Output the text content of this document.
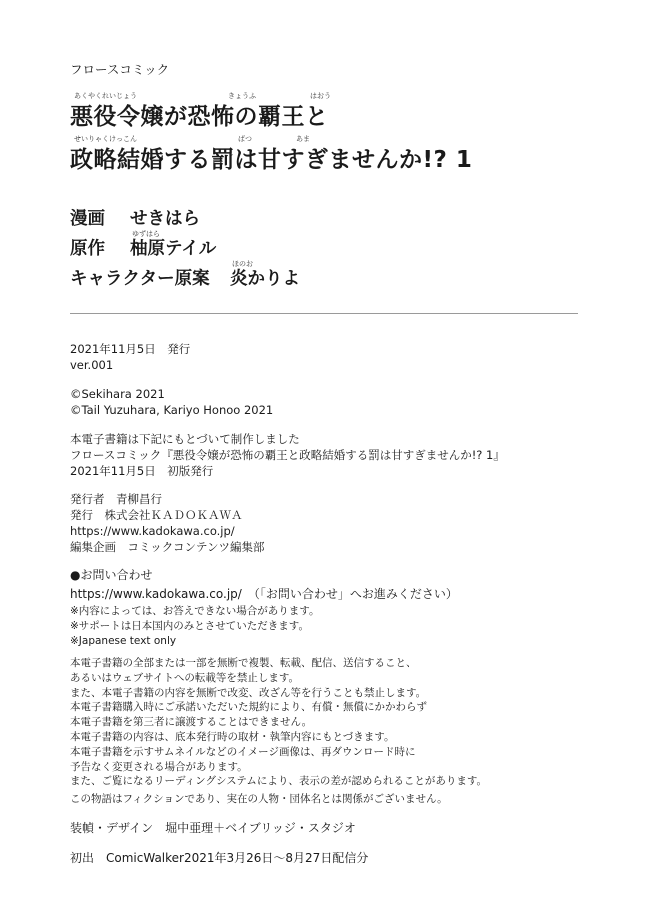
フロースコミック
あくやくれいじょう	きょうふ	はおう
悪役令嬢が恐怖の覇王と
せいりゃくけっこん	ばつ	あま
政略結婚する罰は甘すぎませんか!? 1
漫画 せきはら
ゆずはら
原作 柚原テイル
ほのお
キャラクター原案 炎かりよ
2021年11月5日　発行
ver.001
©Sekihara 2021
©Tail Yuzuhara, Kariyo Honoo 2021
本電子書籍は下記にもとづいて制作しました
フロースコミック『悪役令嬢が恐怖の覇王と政略結婚する罰は甘すぎませんか!? 1』
2021年11月5日　初版発行
発行者　青柳昌行
発行　株式会社ＫＡＤＯＫＡＷＡ
https://www.kadokawa.co.jp/
編集企画　コミックコンテンツ編集部
●お問い合わせ
https://www.kadokawa.co.jp/　（「お問い合わせ」へお進みください）
※内容によっては、お答えできない場合があります。
※サポートは日本国内のみとさせていただきます。
※Japanese text only
本電子書籍の全部または一部を無断で複製、転載、配信、送信すること、
あるいはウェブサイトへの転載等を禁止します。
また、本電子書籍の内容を無断で改変、改ざん等を行うことも禁止します。
本電子書籍購入時にご承諾いただいた規約により、有償・無償にかかわらず
本電子書籍を第三者に譲渡することはできません。
本電子書籍の内容は、底本発行時の取材・執筆内容にもとづきます。
本電子書籍を示すサムネイルなどのイメージ画像は、再ダウンロード時に
予告なく変更される場合があります。
また、ご覧になるリーディングシステムにより、表示の差が認められることがあります。
この物語はフィクションであり、実在の人物・団体名とは関係がございません。
装幀・デザイン　堀中亜理＋ベイブリッジ・スタジオ
初出　ComicWalker2021年3月26日～8月27日配信分
